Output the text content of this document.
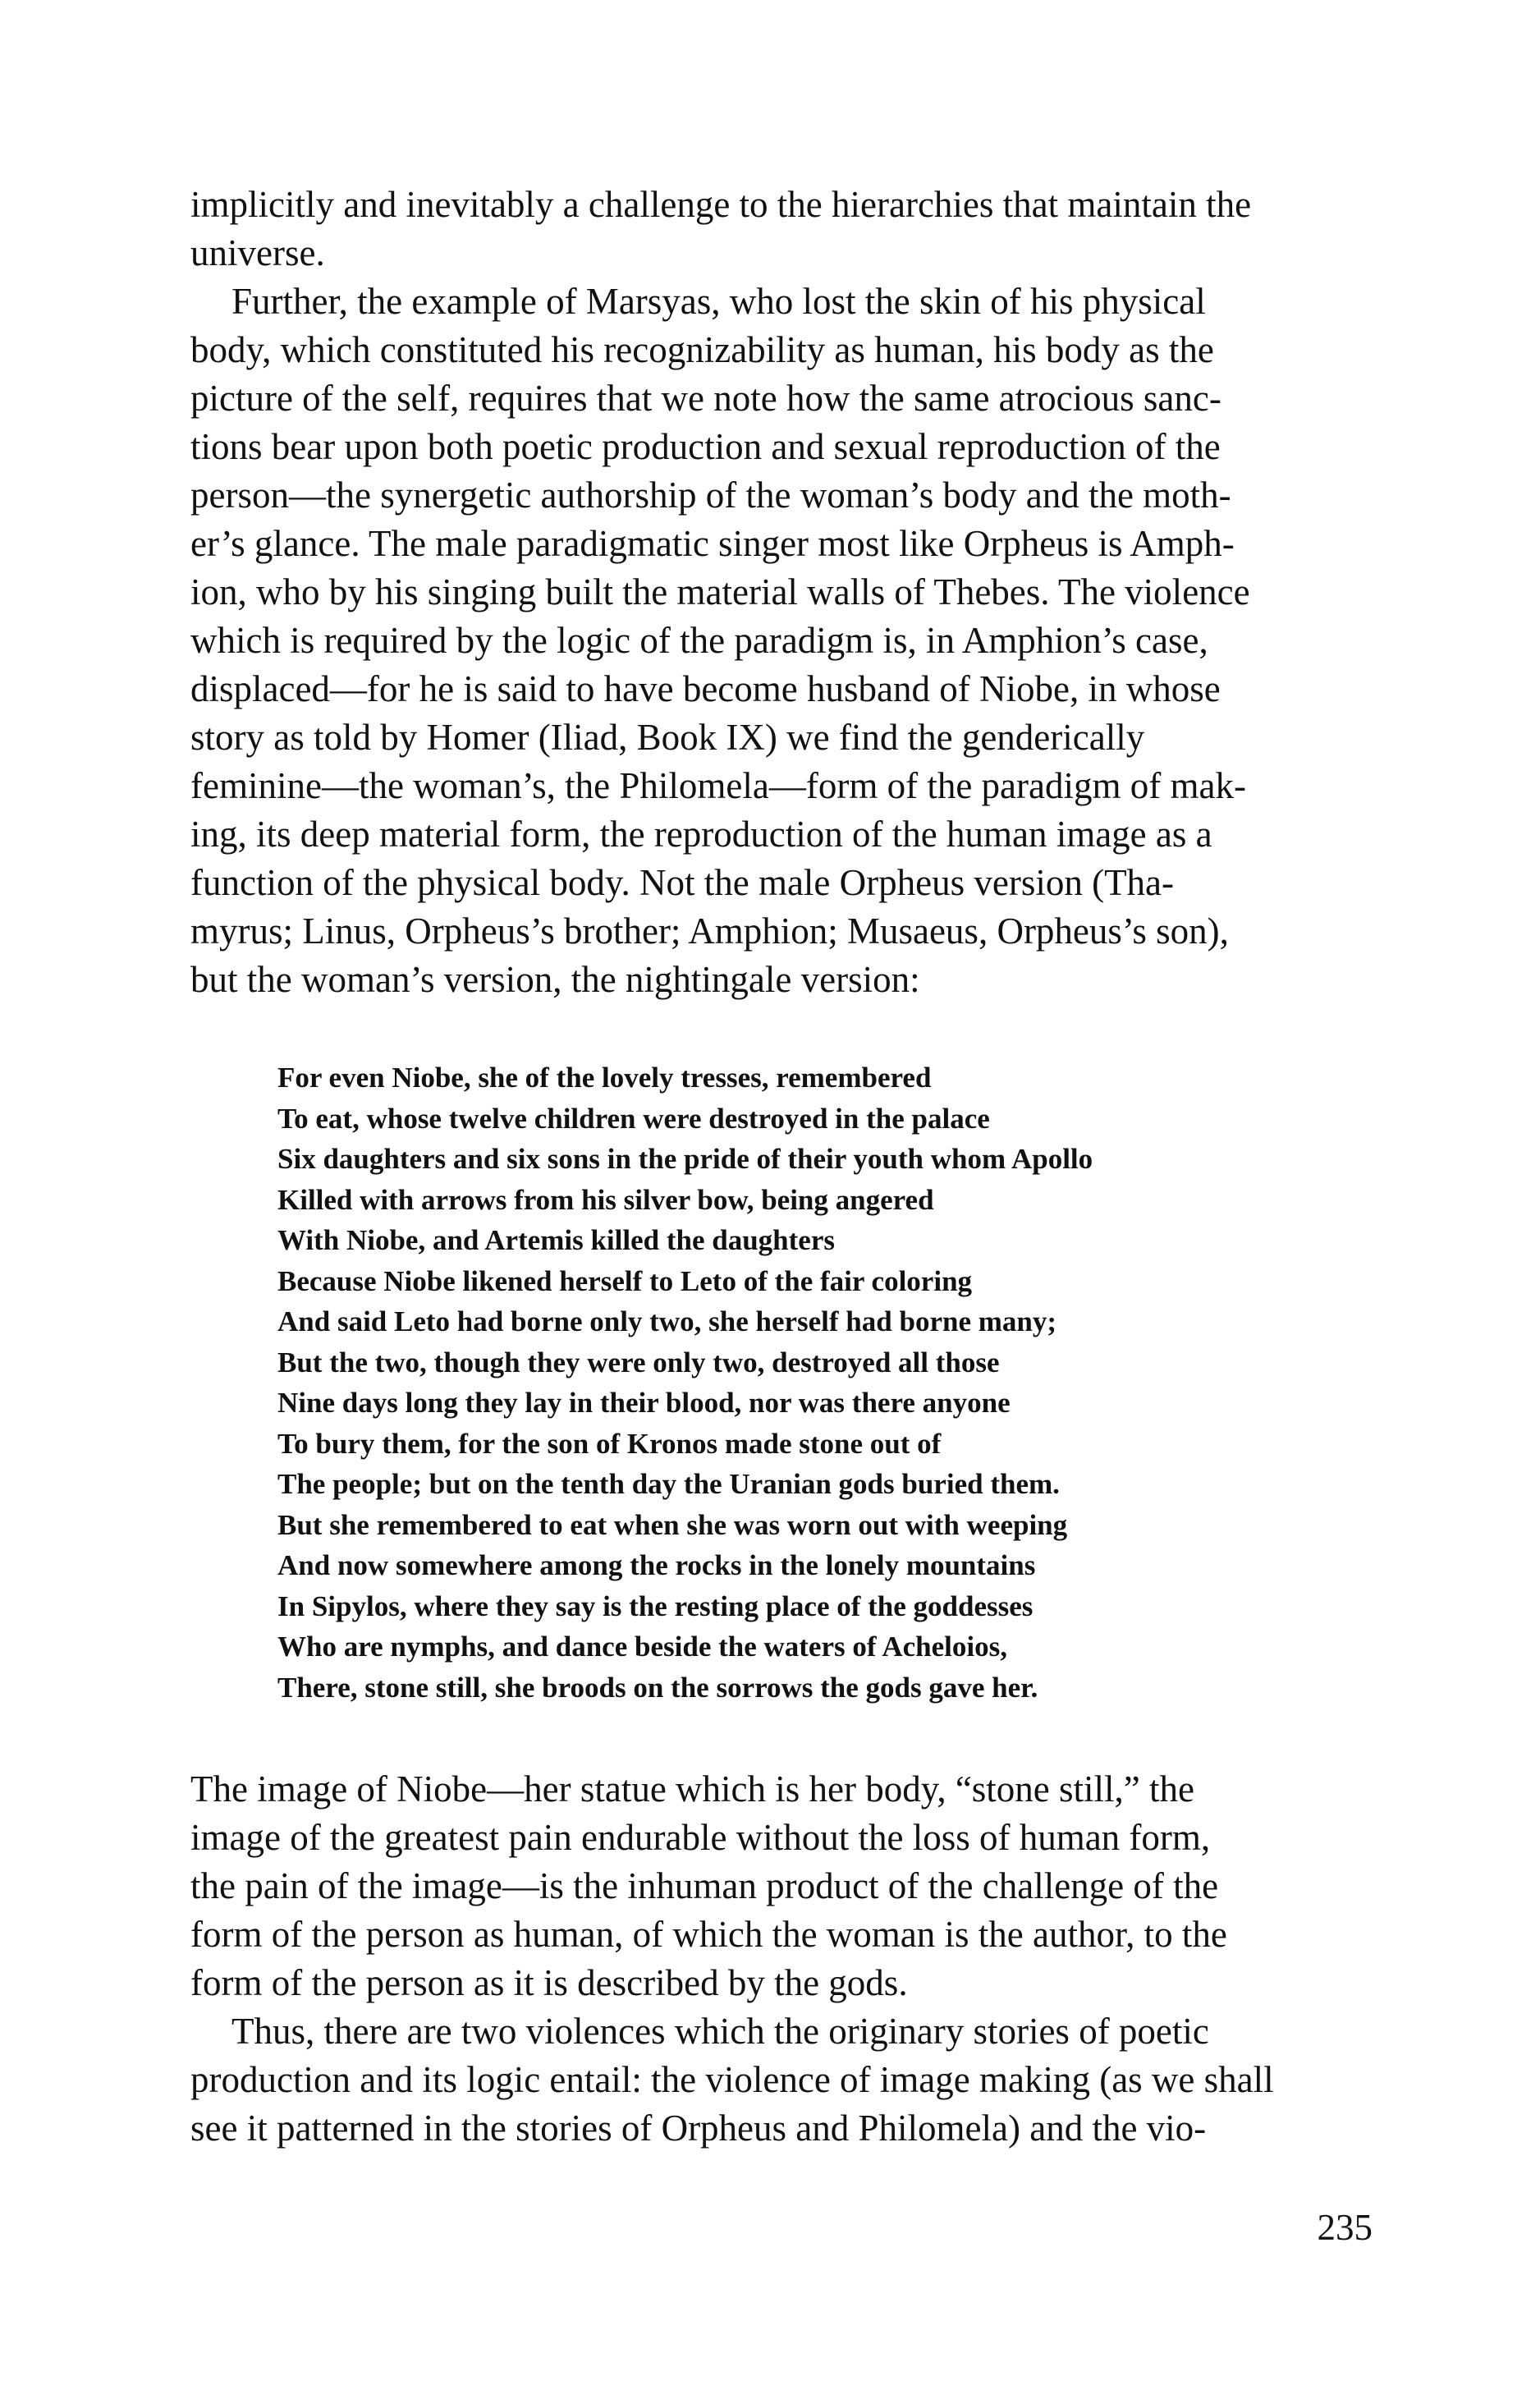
implicitly and inevitably a challenge to the hierarchies that maintain the
universe.
Further, the example of Marsyas, who lost the skin of his physical
body, which constituted his recognizability as human, his body as the
picture of the self, requires that we note how the same atrocious sanc-
tions bear upon both poetic production and sexual reproduction of the
person—the synergetic authorship of the woman’s body and the moth-
er’s glance. The male paradigmatic singer most like Orpheus is Amph-
ion, who by his singing built the material walls of Thebes. The violence
which is required by the logic of the paradigm is, in Amphion’s case,
displaced—for he is said to have become husband of Niobe, in whose
story as told by Homer (Iliad, Book IX) we find the genderically
feminine—the woman’s, the Philomela—form of the paradigm of mak-
ing, its deep material form, the reproduction of the human image as a
function of the physical body. Not the male Orpheus version (Tha-
myrus; Linus, Orpheus’s brother; Amphion; Musaeus, Orpheus’s son),
but the woman’s version, the nightingale version:

For even Niobe, she of the lovely tresses, remembered
To eat, whose twelve children were destroyed in the palace
Six daughters and six sons in the pride of their youth whom Apollo
Killed with arrows from his silver bow, being angered
With Niobe, and Artemis killed the daughters
Because Niobe likened herself to Leto of the fair coloring
And said Leto had borne only two, she herself had borne many;
But the two, though they were only two, destroyed all those
Nine days long they lay in their blood, nor was there anyone
To bury them, for the son of Kronos made stone out of
The people; but on the tenth day the Uranian gods buried them.
But she remembered to eat when she was worn out with weeping
And now somewhere among the rocks in the lonely mountains
In Sipylos, where they say is the resting place of the goddesses
Who are nymphs, and dance beside the waters of Acheloios,
There, stone still, she broods on the sorrows the gods gave her.

The image of Niobe—her statue which is her body, “stone still,” the
image of the greatest pain endurable without the loss of human form,
the pain of the image—is the inhuman product of the challenge of the
form of the person as human, of which the woman is the author, to the
form of the person as it is described by the gods.
Thus, there are two violences which the originary stories of poetic
production and its logic entail: the violence of image making (as we shall
see it patterned in the stories of Orpheus and Philomela) and the vio-

235
